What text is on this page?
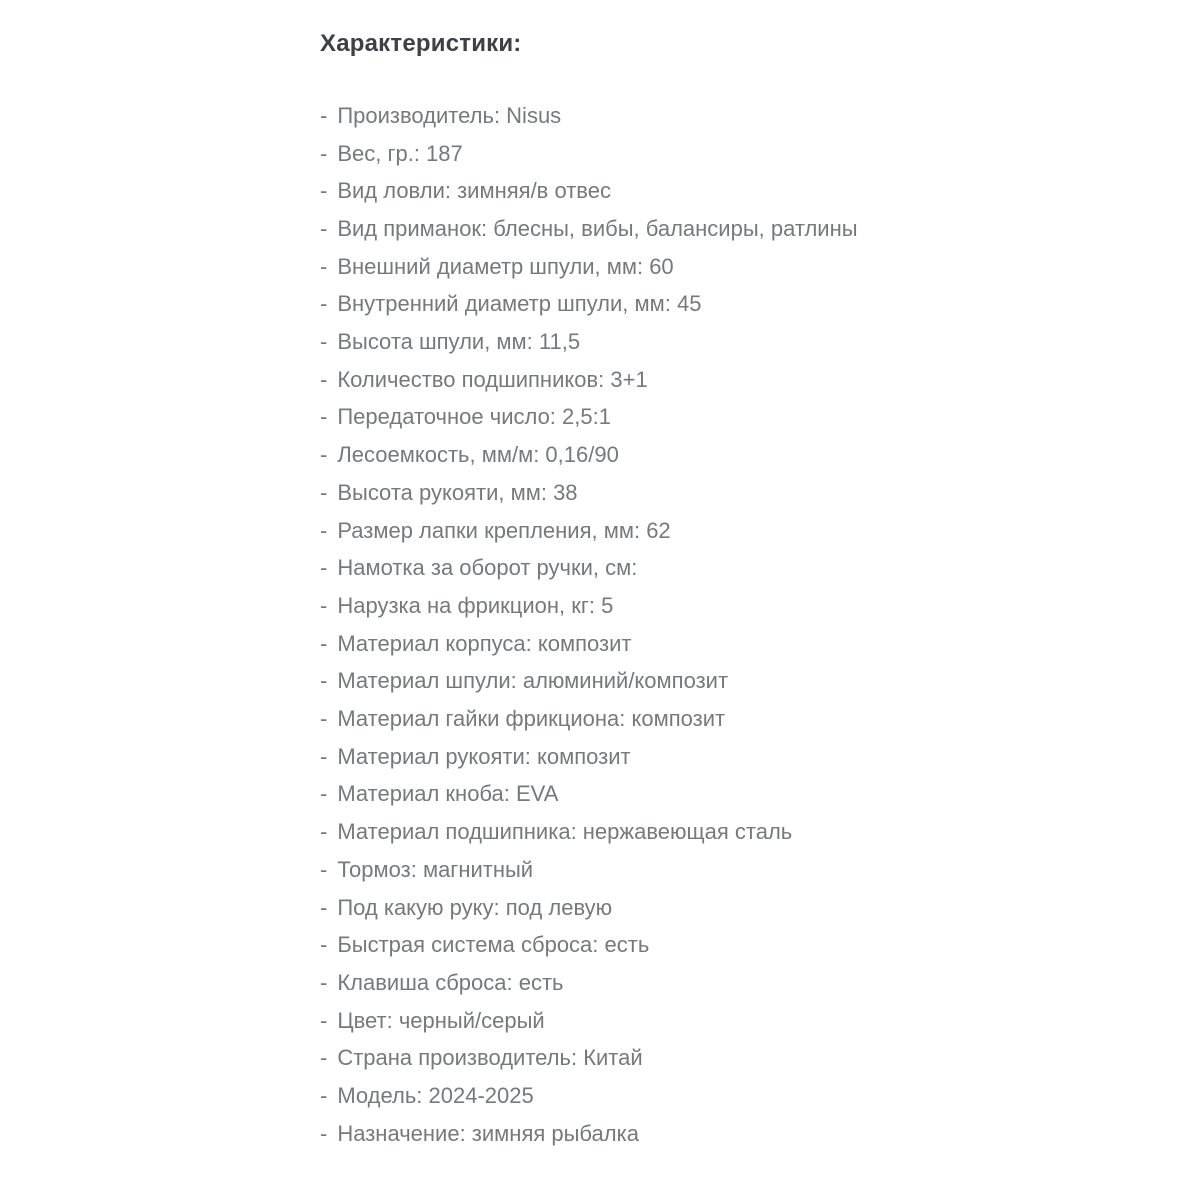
Характеристики:
- Производитель: Nisus
- Вес, гр.: 187
- Вид ловли: зимняя/в отвес
- Вид приманок: блесны, вибы, балансиры, ратлины
- Внешний диаметр шпули, мм: 60
- Внутренний диаметр шпули, мм: 45
- Высота шпули, мм: 11,5
- Количество подшипников: 3+1
- Передаточное число: 2,5:1
- Лесоемкость, мм/м: 0,16/90
- Высота рукояти, мм: 38
- Размер лапки крепления, мм: 62
- Намотка за оборот ручки, см:
- Нарузка на фрикцион, кг: 5
- Материал корпуса: композит
- Материал шпули: алюминий/композит
- Материал гайки фрикциона: композит
- Материал рукояти: композит
- Материал кноба: EVA
- Материал подшипника: нержавеющая сталь
- Тормоз: магнитный
- Под какую руку: под левую
- Быстрая система сброса: есть
- Клавиша сброса: есть
- Цвет: черный/серый
- Страна производитель: Китай
- Модель: 2024-2025
- Назначение: зимняя рыбалка
